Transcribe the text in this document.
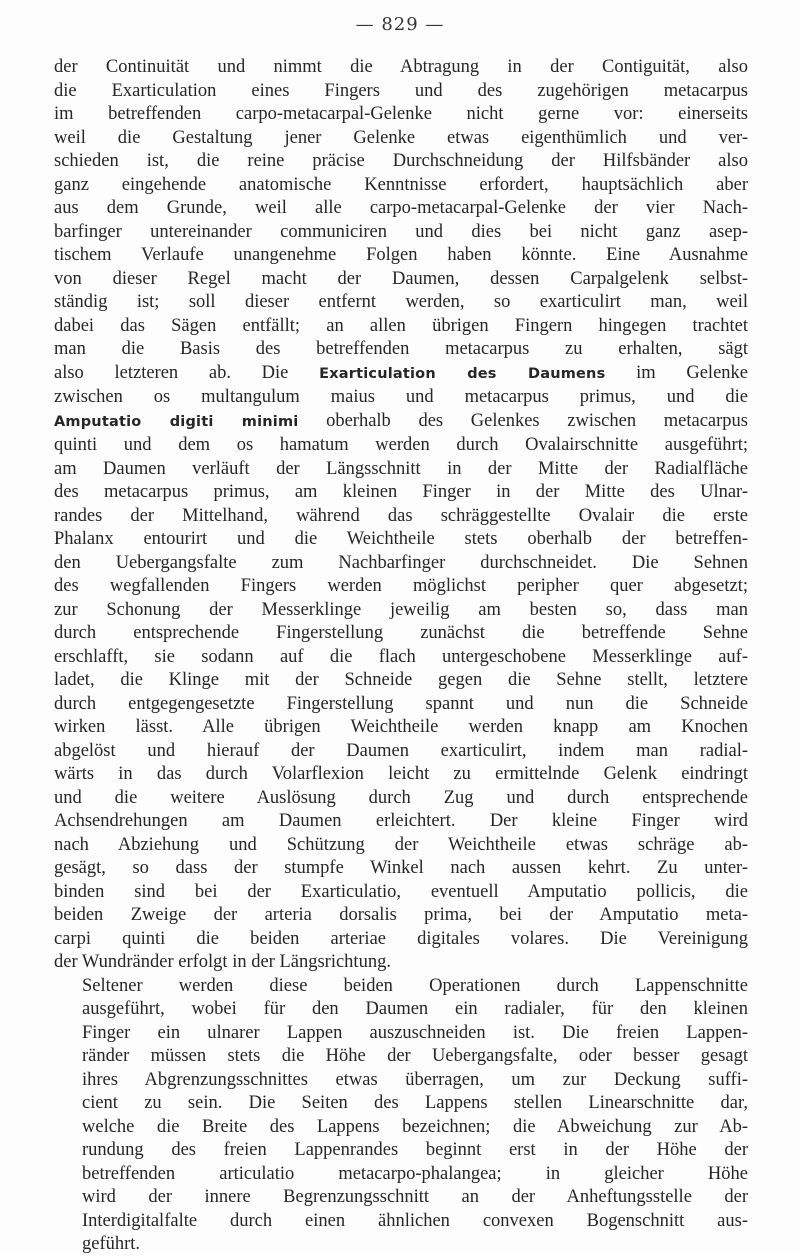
— 829 —

der Continuität und nimmt die Abtragung in der Contiguität, also
die Exarticulation eines Fingers und des zugehörigen metacarpus
im betreffenden carpo-metacarpal-Gelenke nicht gerne vor: einerseits
weil die Gestaltung jener Gelenke etwas eigenthümlich und ver-
schieden ist, die reine präcise Durchschneidung der Hilfsbänder also
ganz eingehende anatomische Kenntnisse erfordert, hauptsächlich aber
aus dem Grunde, weil alle carpo-metacarpal-Gelenke der vier Nach-
barfinger untereinander communiciren und dies bei nicht ganz asep-
tischem Verlaufe unangenehme Folgen haben könnte. Eine Ausnahme
von dieser Regel macht der Daumen, dessen Carpalgelenk selbst-
ständig ist; soll dieser entfernt werden, so exarticulirt man, weil
dabei das Sägen entfällt; an allen übrigen Fingern hingegen trachtet
man die Basis des betreffenden metacarpus zu erhalten, sägt
also letzteren ab. Die Exarticulation des Daumens im Gelenke
zwischen os multangulum maius und metacarpus primus, und die
Amputatio digiti minimi oberhalb des Gelenkes zwischen metacarpus
quinti und dem os hamatum werden durch Ovalairschnitte ausgeführt;
am Daumen verläuft der Längsschnitt in der Mitte der Radialfläche
des metacarpus primus, am kleinen Finger in der Mitte des Ulnar-
randes der Mittelhand, während das schräggestellte Ovalair die erste
Phalanx entourirt und die Weichtheile stets oberhalb der betreffen-
den Uebergangsfalte zum Nachbarfinger durchschneidet. Die Sehnen
des wegfallenden Fingers werden möglichst peripher quer abgesetzt;
zur Schonung der Messerklinge jeweilig am besten so, dass man
durch entsprechende Fingerstellung zunächst die betreffende Sehne
erschlafft, sie sodann auf die flach untergeschobene Messerklinge auf-
ladet, die Klinge mit der Schneide gegen die Sehne stellt, letztere
durch entgegengesetzte Fingerstellung spannt und nun die Schneide
wirken lässt. Alle übrigen Weichtheile werden knapp am Knochen
abgelöst und hierauf der Daumen exarticulirt, indem man radial-
wärts in das durch Volarflexion leicht zu ermittelnde Gelenk eindringt
und die weitere Auslösung durch Zug und durch entsprechende
Achsendrehungen am Daumen erleichtert. Der kleine Finger wird
nach Abziehung und Schützung der Weichtheile etwas schräge ab-
gesägt, so dass der stumpfe Winkel nach aussen kehrt. Zu unter-
binden sind bei der Exarticulatio, eventuell Amputatio pollicis, die
beiden Zweige der arteria dorsalis prima, bei der Amputatio meta-
carpi quinti die beiden arteriae digitales volares. Die Vereinigung
der Wundränder erfolgt in der Längsrichtung.

Seltener werden diese beiden Operationen durch Lappenschnitte
ausgeführt, wobei für den Daumen ein radialer, für den kleinen
Finger ein ulnarer Lappen auszuschneiden ist. Die freien Lappen-
ränder müssen stets die Höhe der Uebergangsfalte, oder besser gesagt
ihres Abgrenzungsschnittes etwas überragen, um zur Deckung suffi-
cient zu sein. Die Seiten des Lappens stellen Linearschnitte dar,
welche die Breite des Lappens bezeichnen; die Abweichung zur Ab-
rundung des freien Lappenrandes beginnt erst in der Höhe der
betreffenden articulatio metacarpo-phalangea; in gleicher Höhe
wird der innere Begrenzungsschnitt an der Anheftungsstelle der
Interdigitalfalte durch einen ähnlichen convexen Bogenschnitt aus-
geführt.
